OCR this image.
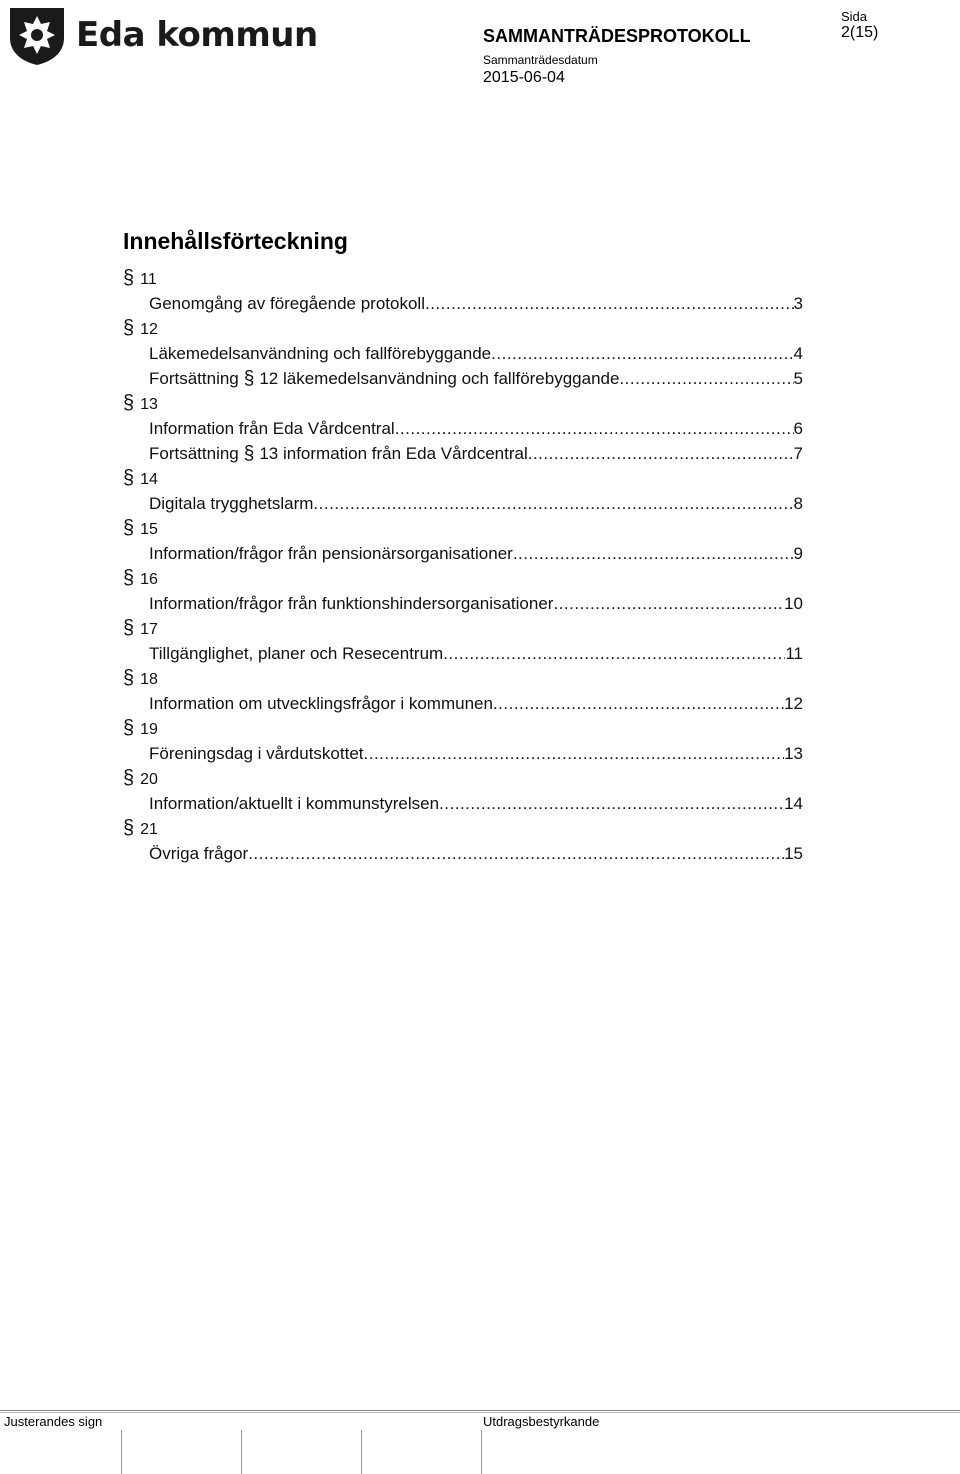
Eda kommun	SAMMANTRÄDESPROTOKOLL
Sammanträdesdatum
2015-06-04
Sida
2(15)
Innehållsförteckning
§ 11
Genomgång av föregående protokoll .....	3
§ 12
Läkemedelsanvändning och fallförebyggande .....	4
Fortsättning § 12 läkemedelsanvändning och fallförebyggande .....	5
§ 13
Information från Eda Vårdcentral .....	6
Fortsättning § 13 information från Eda Vårdcentral .....	7
§ 14
Digitala trygghetslarm .....	8
§ 15
Information/frågor från pensionärsorganisationer .....	9
§ 16
Information/frågor från funktionshindersorganisationer .....	10
§ 17
Tillgänglighet, planer och Resecentrum .....	11
§ 18
Information om utvecklingsfrågor i kommunen .....	12
§ 19
Föreningsdag i vårdutskottet .....	13
§ 20
Information/aktuellt i kommunstyrelsen .....	14
§ 21
Övriga frågor .....	15
Justerandes sign	Utdragsbestyrkande
